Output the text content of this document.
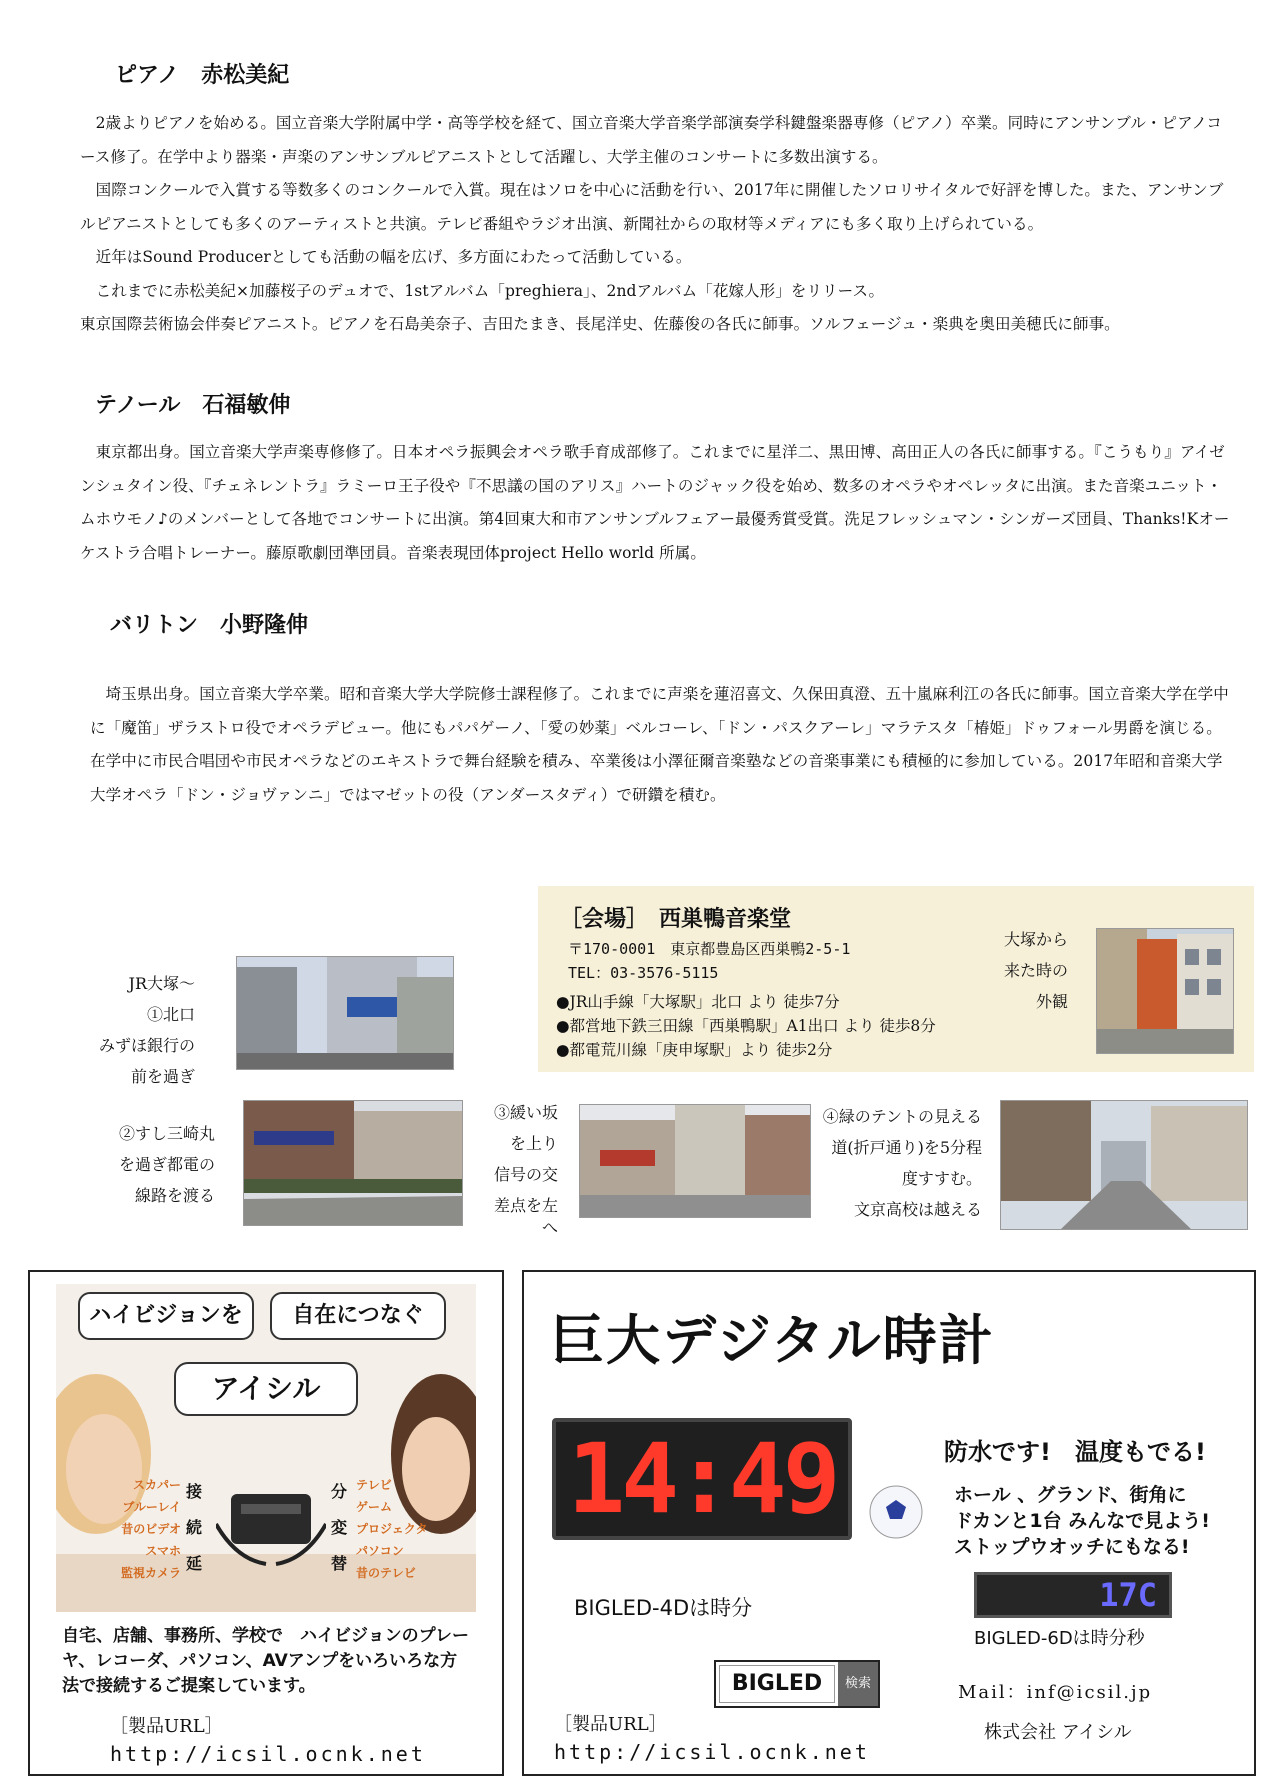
ピアノ　赤松美紀

　2歳よりピアノを始める。国立音楽大学附属中学・高等学校を経て、国立音楽大学音楽学部演奏学科鍵盤楽器専修（ピアノ）卒業。同時にアンサンブル・ピアノコース修了。在学中より器楽・声楽のアンサンブルピアニストとして活躍し、大学主催のコンサートに多数出演する。

　国際コンクールで入賞する等数多くのコンクールで入賞。現在はソロを中心に活動を行い、2017年に開催したソロリサイタルで好評を博した。また、アンサンブルピアニストとしても多くのアーティストと共演。テレビ番組やラジオ出演、新聞社からの取材等メディアにも多く取り上げられている。

　近年はSound Producerとしても活動の幅を広げ、多方面にわたって活動している。

　これまでに赤松美紀×加藤桜子のデュオで、1stアルバム「preghiera」、2ndアルバム「花嫁人形」をリリース。

東京国際芸術協会伴奏ピアニスト。ピアノを石島美奈子、吉田たまき、長尾洋史、佐藤俊の各氏に師事。ソルフェージュ・楽典を奥田美穂氏に師事。

テノール　石福敏伸

　東京都出身。国立音楽大学声楽専修修了。日本オペラ振興会オペラ歌手育成部修了。これまでに星洋二、黒田博、高田正人の各氏に師事する。『こうもり』アイゼンシュタイン役、『チェネレントラ』ラミーロ王子役や『不思議の国のアリス』ハートのジャック役を始め、数多のオペラやオペレッタに出演。また音楽ユニット・ムホウモノ♪のメンバーとして各地でコンサートに出演。第4回東大和市アンサンブルフェアー最優秀賞受賞。洗足フレッシュマン・シンガーズ団員、Thanks!Kオーケストラ合唱トレーナー。藤原歌劇団準団員。音楽表現団体project Hello world 所属。

バリトン　小野隆伸

　埼玉県出身。国立音楽大学卒業。昭和音楽大学大学院修士課程修了。これまでに声楽を蓮沼喜文、久保田真澄、五十嵐麻利江の各氏に師事。国立音楽大学在学中に「魔笛」ザラストロ役でオペラデビュー。他にもパパゲーノ、「愛の妙薬」ベルコーレ、「ドン・パスクアーレ」マラテスタ「椿姫」ドゥフォール男爵を演じる。在学中に市民合唱団や市民オペラなどのエキストラで舞台経験を積み、卒業後は小澤征爾音楽塾などの音楽事業にも積極的に参加している。2017年昭和音楽大学大学オペラ「ドン・ジョヴァンニ」ではマゼットの役（アンダースタディ）で研鑽を積む。

［会場］　西巣鴨音楽堂
〒170-0001　東京都豊島区西巣鴨2-5-1
TEL：03-3576-5115
●JR山手線「大塚駅」北口 より 徒歩7分
●都営地下鉄三田線「西巣鴨駅」A1出口 より 徒歩8分
●都電荒川線「庚申塚駅」より 徒歩2分
大塚から
来た時の
外観
JR大塚～
①北口
みずほ銀行の
前を過ぎ
②すし三崎丸
を過ぎ都電の
線路を渡る
③緩い坂
を上り
信号の交
差点を左
へ
④緑のテントの見える
道(折戸通り)を5分程
度すすむ。
文京高校は越える
ハイビジョンを	自在につなぐ
アイシル
スカパー
ブルーレイ
昔のビデオ
スマホ
監視カメラ
接
続
延
分
変
替
テレビ
ゲーム
プロジェクタ
パソコン
昔のテレビ
自宅、店舗、事務所、学校で　ハイビジョンのプレーヤ、レコーダ、パソコン、AVアンプをいろいろな方法で接続するご提案しています。
［製品URL］
http://icsil.ocnk.net
巨大デジタル時計
14:49	防水です!　温度もでる!
ホール 、グランド、街角に
ドカンと1台 みんなで見よう!
ストップウオッチにもなる!
17C
BIGLED-4Dは時分
BIGLED-6Dは時分秒
BIGLED	検索
［製品URL］
http://icsil.ocnk.net
Mail：inf@icsil.jp
株式会社 アイシル
